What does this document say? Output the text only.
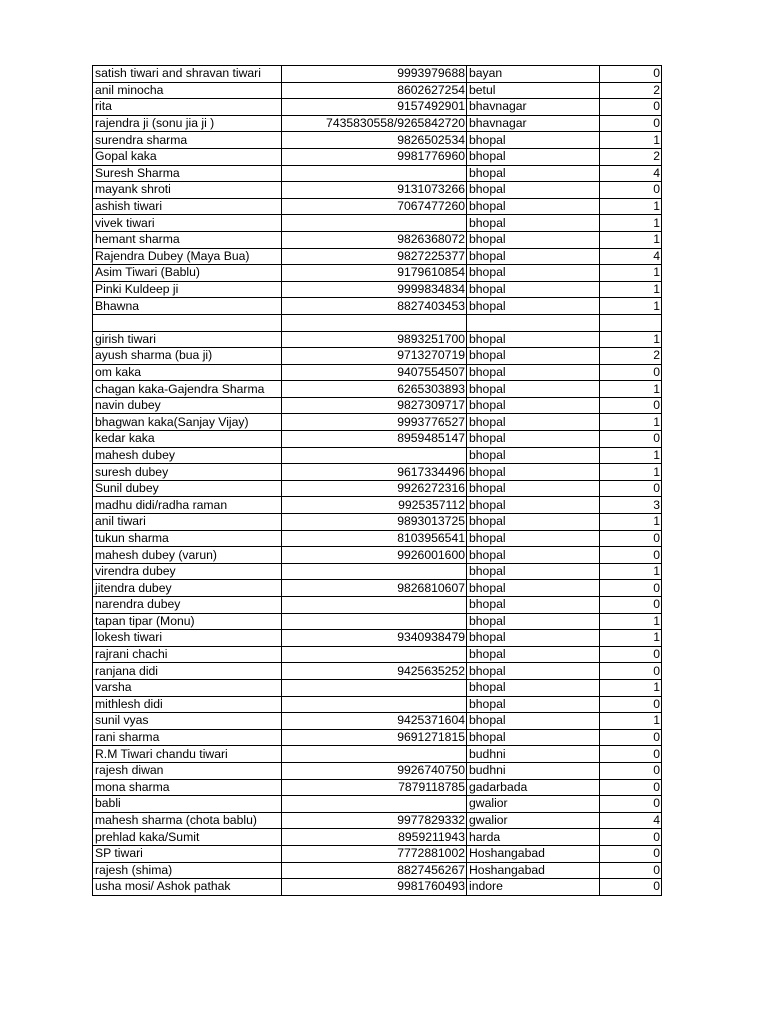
satish tiwari and shravan tiwari	9993979688	bayan	0
anil minocha	8602627254	betul	2
rita	9157492901	bhavnagar	0
rajendra ji (sonu jia ji )	7435830558/9265842720	bhavnagar	0
surendra sharma	9826502534	bhopal	1
Gopal kaka	9981776960	bhopal	2
Suresh Sharma		bhopal	4
mayank shroti	9131073266	bhopal	0
ashish tiwari	7067477260	bhopal	1
vivek tiwari		bhopal	1
hemant sharma	9826368072	bhopal	1
Rajendra Dubey (Maya Bua)	9827225377	bhopal	4
Asim Tiwari (Bablu)	9179610854	bhopal	1
Pinki Kuldeep ji	9999834834	bhopal	1
Bhawna	8827403453	bhopal	1

girish tiwari	9893251700	bhopal	1
ayush sharma (bua ji)	9713270719	bhopal	2
om kaka	9407554507	bhopal	0
chagan kaka-Gajendra Sharma	6265303893	bhopal	1
navin dubey	9827309717	bhopal	0
bhagwan kaka(Sanjay Vijay)	9993776527	bhopal	1
kedar kaka	8959485147	bhopal	0
mahesh dubey		bhopal	1
suresh dubey	9617334496	bhopal	1
Sunil dubey	9926272316	bhopal	0
madhu didi/radha raman	9925357112	bhopal	3
anil tiwari	9893013725	bhopal	1
tukun sharma	8103956541	bhopal	0
mahesh dubey (varun)	9926001600	bhopal	0
virendra dubey		bhopal	1
jitendra dubey	9826810607	bhopal	0
narendra dubey		bhopal	0
tapan tipar (Monu)		bhopal	1
lokesh tiwari	9340938479	bhopal	1
rajrani chachi		bhopal	0
ranjana didi	9425635252	bhopal	0
varsha		bhopal	1
mithlesh didi		bhopal	0
sunil vyas	9425371604	bhopal	1
rani sharma	9691271815	bhopal	0
R.M Tiwari chandu tiwari		budhni	0
rajesh diwan	9926740750	budhni	0
mona sharma	7879118785	gadarbada	0
babli		gwalior	0
mahesh sharma (chota bablu)	9977829332	gwalior	4
prehlad kaka/Sumit	8959211943	harda	0
SP tiwari	7772881002	Hoshangabad	0
rajesh (shima)	8827456267	Hoshangabad	0
usha mosi/ Ashok pathak	9981760493	indore	0
